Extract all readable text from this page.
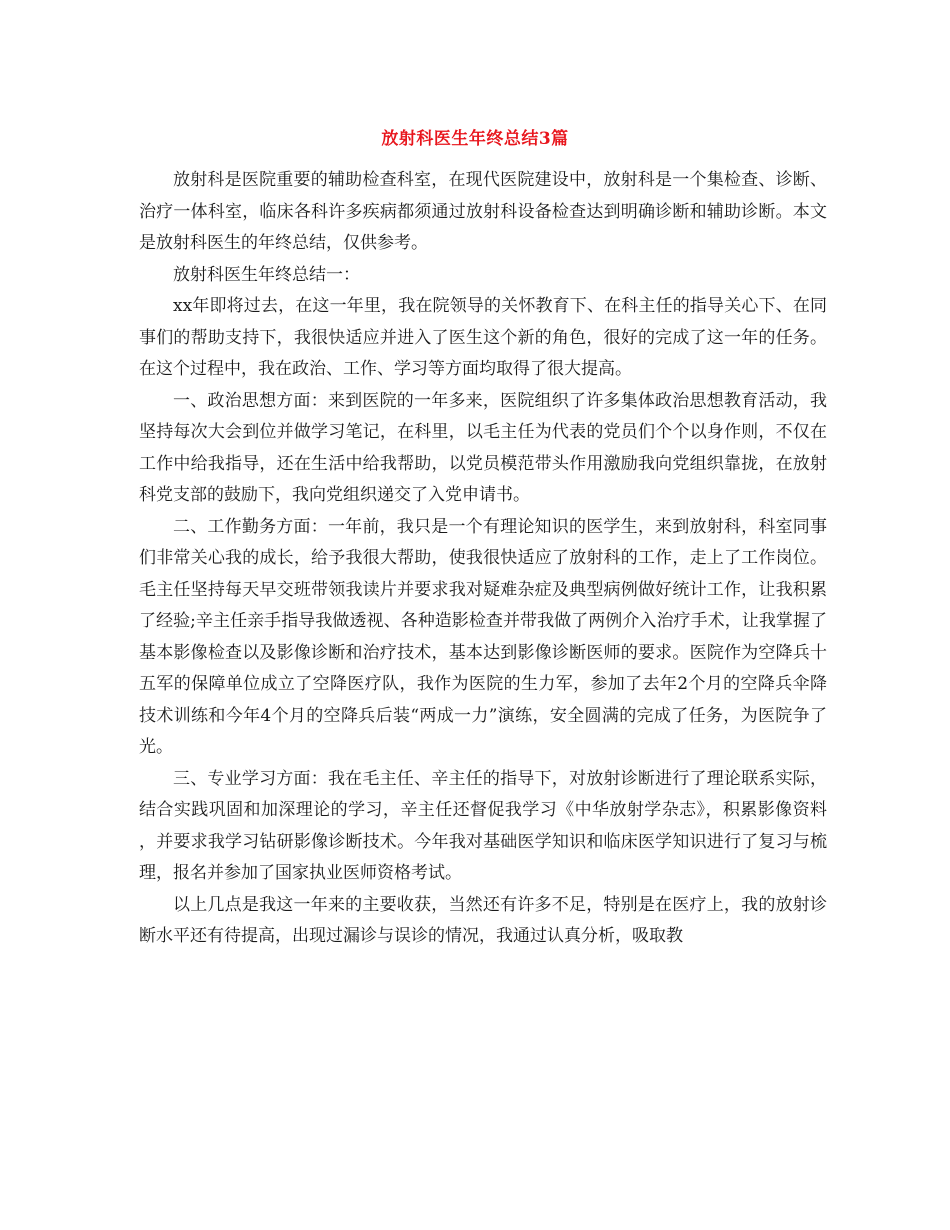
放射科医生年终总结3篇

放射科是医院重要的辅助检查科室，在现代医院建设中，放射科是一个集检查、诊断、治疗一体科室，临床各科许多疾病都须通过放射科设备检查达到明确诊断和辅助诊断。本文是放射科医生的年终总结，仅供参考。

放射科医生年终总结一：

xx年即将过去，在这一年里，我在院领导的关怀教育下、在科主任的指导关心下、在同事们的帮助支持下，我很快适应并进入了医生这个新的角色，很好的完成了这一年的任务。在这个过程中，我在政治、工作、学习等方面均取得了很大提高。

一、政治思想方面：来到医院的一年多来，医院组织了许多集体政治思想教育活动，我坚持每次大会到位并做学习笔记，在科里，以毛主任为代表的党员们个个以身作则，不仅在工作中给我指导，还在生活中给我帮助，以党员模范带头作用激励我向党组织靠拢，在放射科党支部的鼓励下，我向党组织递交了入党申请书。

二、工作勤务方面：一年前，我只是一个有理论知识的医学生，来到放射科，科室同事们非常关心我的成长，给予我很大帮助，使我很快适应了放射科的工作，走上了工作岗位。毛主任坚持每天早交班带领我读片并要求我对疑难杂症及典型病例做好统计工作，让我积累了经验;辛主任亲手指导我做透视、各种造影检查并带我做了两例介入治疗手术，让我掌握了基本影像检查以及影像诊断和治疗技术，基本达到影像诊断医师的要求。医院作为空降兵十五军的保障单位成立了空降医疗队，我作为医院的生力军，参加了去年2个月的空降兵伞降技术训练和今年4个月的空降兵后装“两成一力”演练，安全圆满的完成了任务，为医院争了光。

三、专业学习方面：我在毛主任、辛主任的指导下，对放射诊断进行了理论联系实际，结合实践巩固和加深理论的学习，辛主任还督促我学习《中华放射学杂志》，积累影像资料，并要求我学习钻研影像诊断技术。今年我对基础医学知识和临床医学知识进行了复习与梳理，报名并参加了国家执业医师资格考试。

以上几点是我这一年来的主要收获，当然还有许多不足，特别是在医疗上，我的放射诊断水平还有待提高，出现过漏诊与误诊的情况，我通过认真分析，吸取教
